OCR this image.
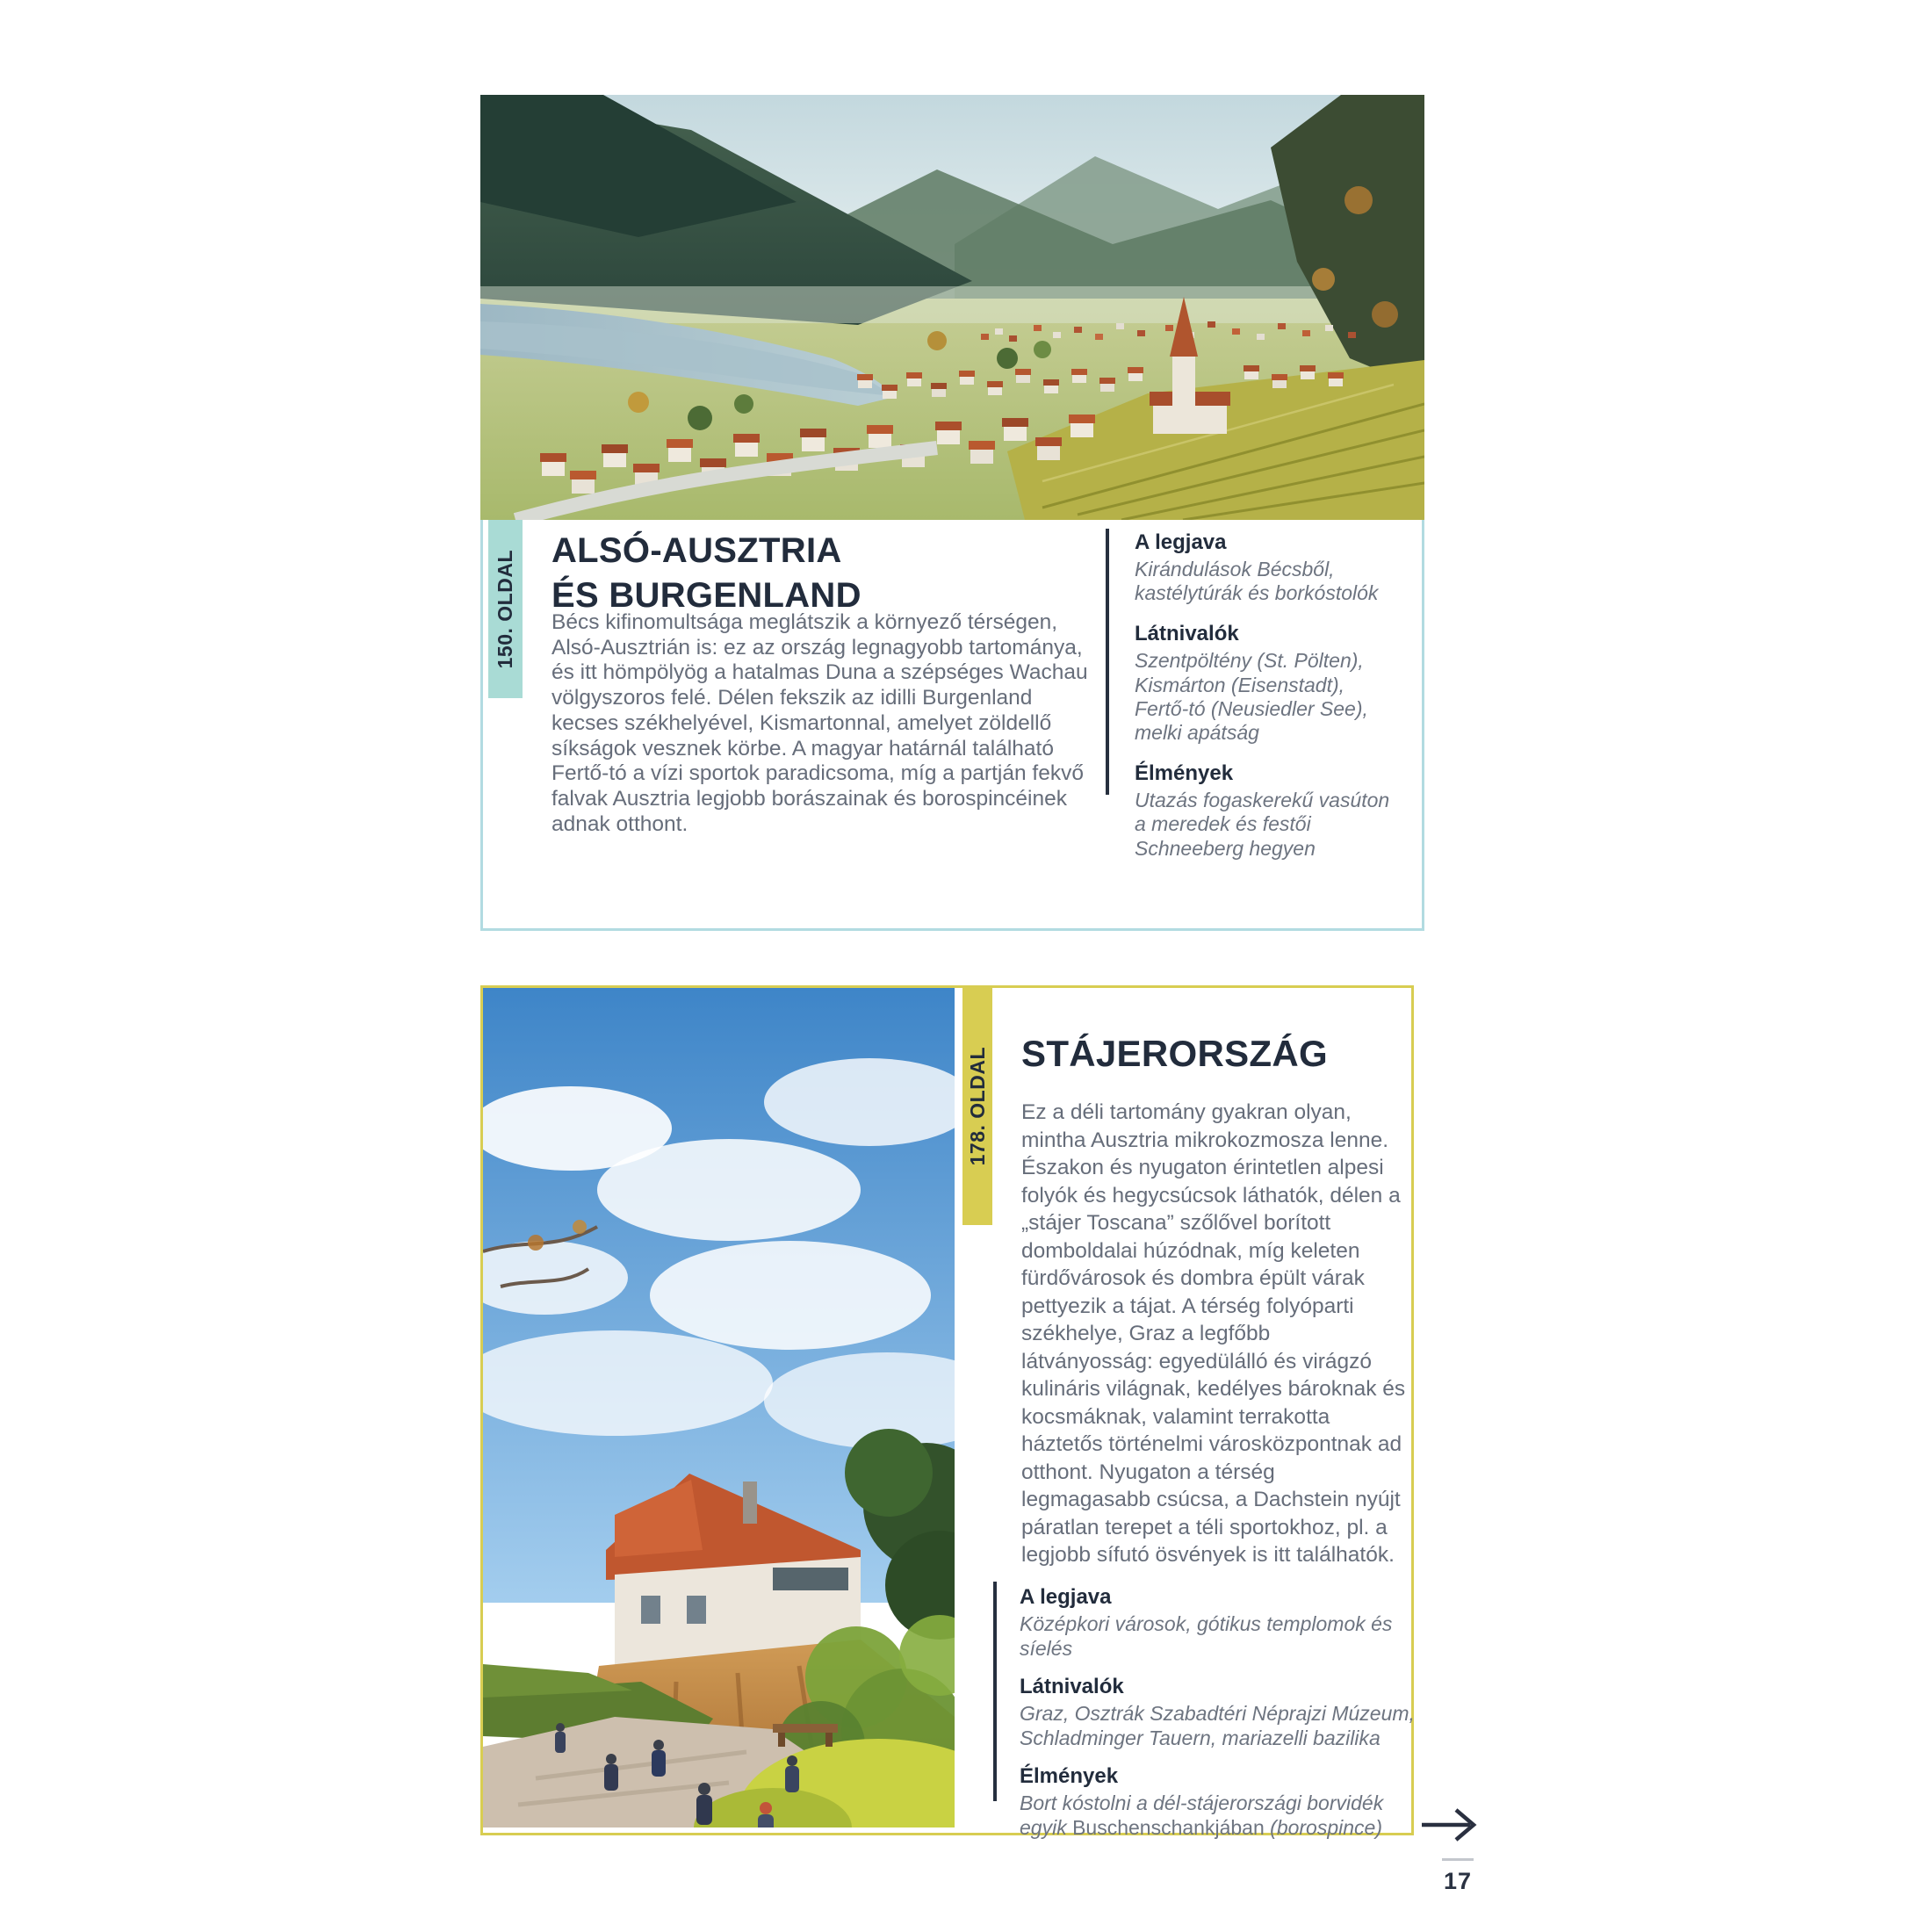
150. OLDAL ALSÓ-AUSZTRIA
ÉS BURGENLAND

Bécs kifinomultsága meglátszik a környező térségen, Alsó-Ausztrián is: ez az ország legnagyobb tartománya, és itt hömpölyög a hatalmas Duna a szépséges Wachau völgyszoros felé. Délen fekszik az idilli Burgenland kecses székhelyével, Kismartonnal, amelyet zöldellő síkságok vesznek körbe. A magyar határnál található Fertő-tó a vízi sportok paradicsoma, míg a partján fekvő falvak Ausztria legjobb borászainak és borospincéinek adnak otthont.

A legjava

Kirándulások Bécsből, kastélytúrák és borkóstolók

Látnivalók

Szentpöltény (St. Pölten), Kismárton (Eisenstadt), Fertő-tó (Neusiedler See), melki apátság

Élmények

Utazás fogaskerekű vasúton a meredek és festői Schneeberg hegyen

178. OLDAL STÁJERORSZÁG

Ez a déli tartomány gyakran olyan, mintha Ausztria mikrokozmosza lenne. Északon és nyugaton érintetlen alpesi folyók és hegycsúcsok láthatók, délen a „stájer Toscana” szőlővel borított domboldalai húzódnak, míg keleten fürdővárosok és dombra épült várak pettyezik a tájat. A térség folyóparti székhelye, Graz a legfőbb látványosság: egyedülálló és virágzó kulináris világnak, kedélyes bároknak és kocsmáknak, valamint terrakotta háztetős történelmi városközpontnak ad otthont. Nyugaton a térség legmagasabb csúcsa, a Dachstein nyújt páratlan terepet a téli sportokhoz, pl. a legjobb sífutó ösvények is itt találhatók.

A legjava

Középkori városok, gótikus templomok és síelés

Látnivalók

Graz, Osztrák Szabadtéri Néprajzi Múzeum, Schladminger Tauern, mariazelli bazilika

Élmények

Bort kóstolni a dél-stájerországi borvidék egyik Buschenschankjában (borospince)

17
